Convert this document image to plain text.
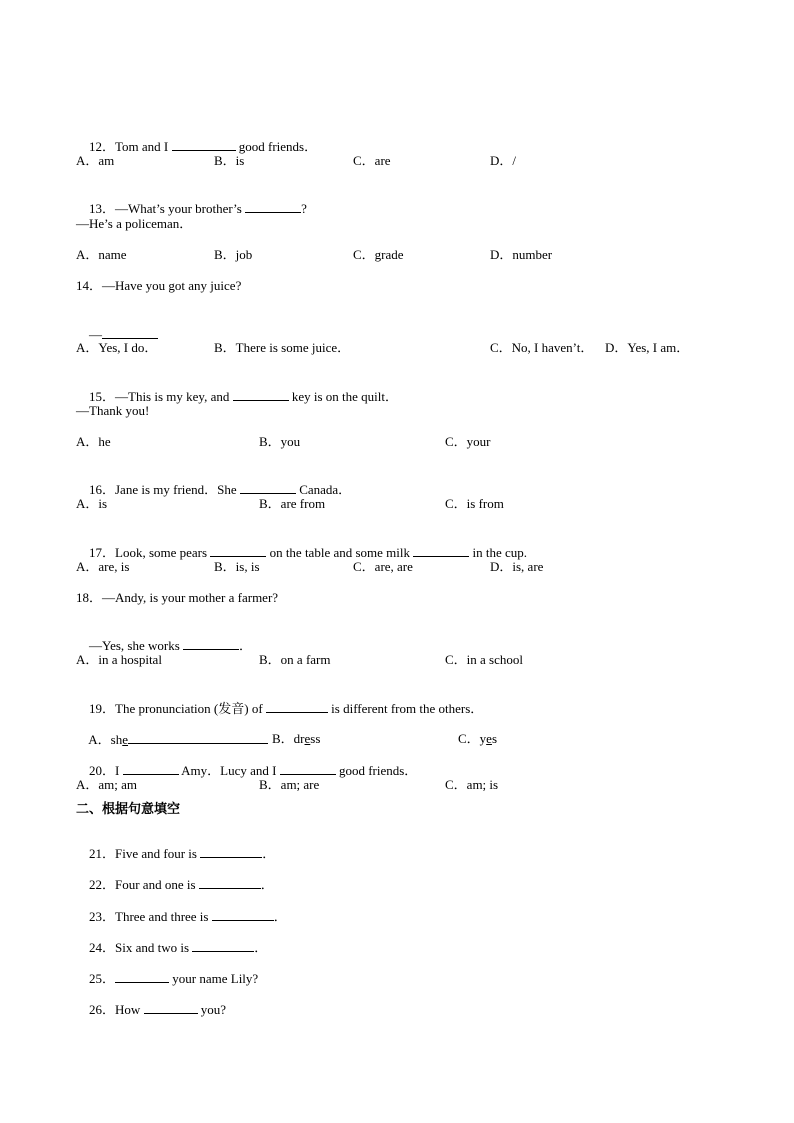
12．Tom and I	good friends．

A．am	B．is	C．are	D．/

13．—What’s your brother’s	?

—He’s a policeman．
A．name	B．job	C．grade	D．number
14．—Have you got any juice?

—

A．Yes, I do．	B．There is some juice．	C．No, I haven’t． D．Yes, I am．

15．—This is my key, and	key is on the quilt．

—Thank you!
A．he	B．you	C．your

16．Jane is my friend．She	Canada．

A．is	B．are from	C．is from

17．Look, some pears	on the table and some milk	in the cup.

A．are, is	B．is, is	C．are, are	D．is, are
18．—Andy, is your mother a farmer?

—Yes, she works	．

A．in a hospital	B．on a farm	C．in a school

19．The pronunciation (发音) of	is different from the others．

A．she
	B．dress
	C．yes

20．I	Amy．Lucy and I	good friends．

A．am; am	B．am; are	C．am; is
二、根据句意填空

21．Five and four is	．

22．Four and one is	．

23．Three and three is	．

24．Six and two is	．

25．	your name Lily?

26．How	you?
